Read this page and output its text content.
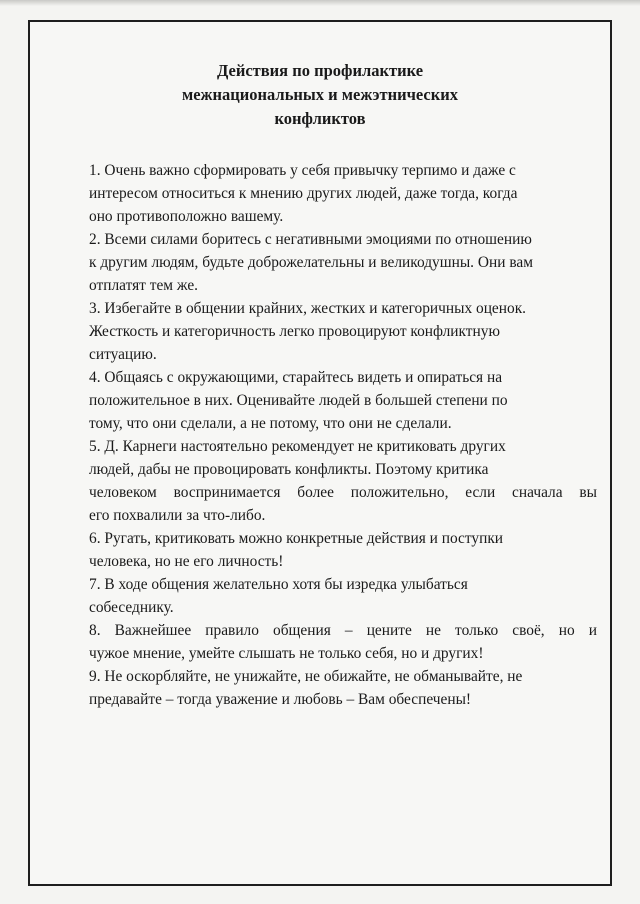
Действия по профилактике
межнациональных и межэтнических
конфликтов
1. Очень важно сформировать у себя привычку терпимо и даже с
интересом относиться к мнению других людей, даже тогда, когда
оно противоположно вашему.
2. Всеми силами боритесь с негативными эмоциями по отношению
к другим людям, будьте доброжелательны и великодушны. Они вам
отплатят тем же.
3. Избегайте в общении крайних, жестких и категоричных оценок.
Жесткость и категоричность легко провоцируют конфликтную
ситуацию.
4. Общаясь с окружающими, старайтесь видеть и опираться на
положительное в них. Оценивайте людей в большей степени по
тому, что они сделали, а не потому, что они не сделали.
5. Д. Карнеги настоятельно рекомендует не критиковать других
людей, дабы не провоцировать конфликты. Поэтому критика
человеком воспринимается более положительно, если сначала вы
его похвалили за что-либо.
6. Ругать, критиковать можно конкретные действия и поступки
человека, но не его личность!
7. В ходе общения желательно хотя бы изредка улыбаться
собеседнику.
8. Важнейшее правило общения – цените не только своё, но и
чужое мнение, умейте слышать не только себя, но и других!
9. Не оскорбляйте, не унижайте, не обижайте, не обманывайте, не
предавайте – тогда уважение и любовь – Вам обеспечены!
